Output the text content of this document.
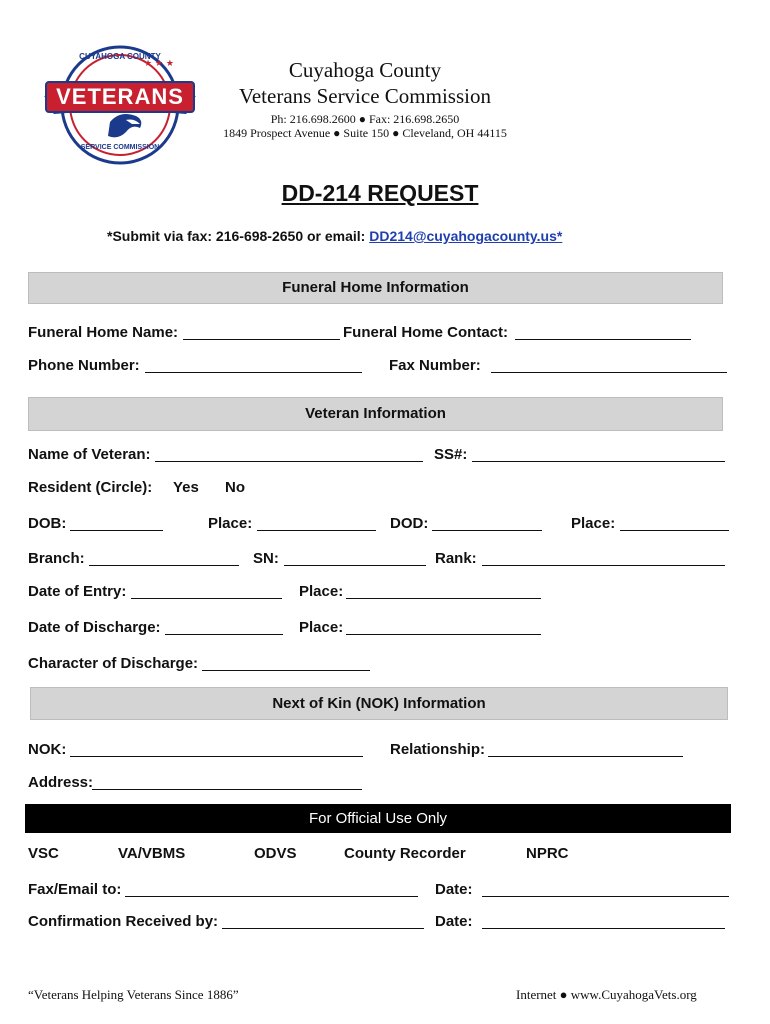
★ ★ ★
CUYAHOGA COUNTY
VETERANS
SERVICE COMMISSION
Cuyahoga County
Veterans Service Commission
Ph: 216.698.2600 ● Fax: 216.698.2650
1849 Prospect Avenue ● Suite 150 ● Cleveland, OH 44115
DD-214 REQUEST
*Submit via fax: 216-698-2650 or email: DD214@cuyahogacounty.us*
Funeral Home Information
Funeral Home Name:	Funeral Home Contact:
Phone Number:	Fax Number:
Veteran Information
Name of Veteran:	SS#:
Resident (Circle): Yes No
DOB:	Place:	DOD:	Place:
Branch:	SN:	Rank:
Date of Entry:	Place:
Date of Discharge:	Place:
Character of Discharge:
Next of Kin (NOK) Information
NOK:	Relationship:
Address:
For Official Use Only
VSC	VA/VBMS	ODVS	County Recorder	NPRC
Fax/Email to:	Date:
Confirmation Received by:	Date:
“Veterans Helping Veterans Since 1886”	Internet ● www.CuyahogaVets.org
